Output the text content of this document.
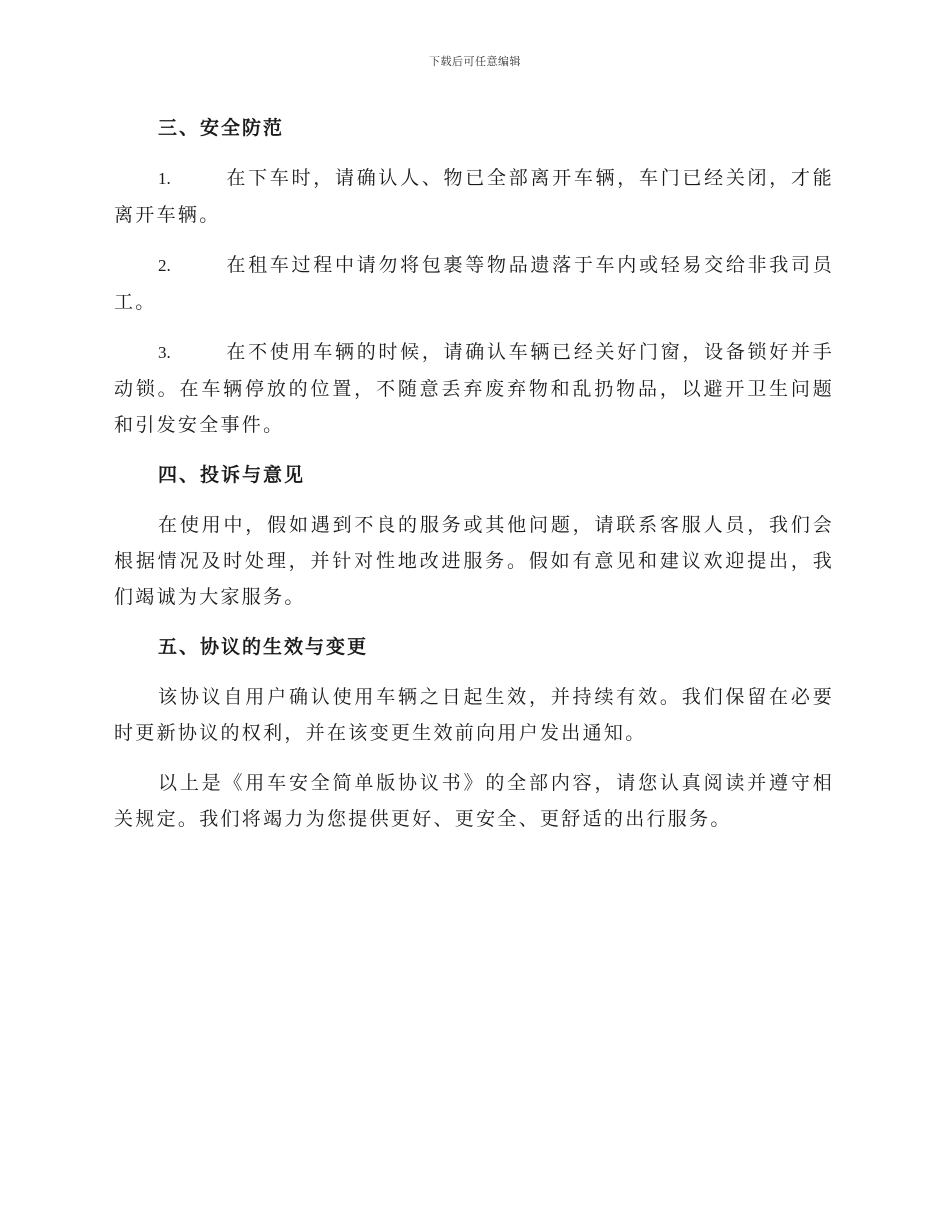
下载后可任意编辑
三、安全防范
1.	在下车时，请确认人、物已全部离开车辆，车门已经关闭，才能离开车辆。
2.	在租车过程中请勿将包裹等物品遗落于车内或轻易交给非我司员工。
3.	在不使用车辆的时候，请确认车辆已经关好门窗，设备锁好并手动锁。在车辆停放的位置，不随意丢弃废弃物和乱扔物品，以避开卫生问题和引发安全事件。
四、投诉与意见

在使用中，假如遇到不良的服务或其他问题，请联系客服人员，我们会根据情况及时处理，并针对性地改进服务。假如有意见和建议欢迎提出，我们竭诚为大家服务。

五、协议的生效与变更

该协议自用户确认使用车辆之日起生效，并持续有效。我们保留在必要时更新协议的权利，并在该变更生效前向用户发出通知。

以上是《用车安全简单版协议书》的全部内容，请您认真阅读并遵守相关规定。我们将竭力为您提供更好、更安全、更舒适的出行服务。
